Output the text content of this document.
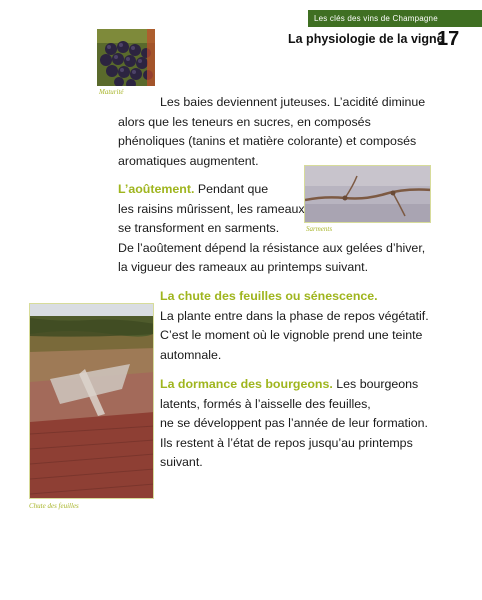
Les clés des vins de Champagne
La physiologie de la vigne
17
Maturité
Sarments
Chute des feuilles
Les baies deviennent juteuses. L’acidité diminue
alors que les teneurs en sucres, en composés
phénoliques (tanins et matière colorante) et composés
aromatiques augmentent.
L’aoûtement. Pendant que
les raisins mûrissent, les rameaux
se transforment en sarments.
De l’aoûtement dépend la résistance aux gelées d’hiver,
la vigueur des rameaux au printemps suivant.
La chute des feuilles ou sénescence.
La plante entre dans la phase de repos végétatif.
C’est le moment où le vignoble prend une teinte
automnale.
La dormance des bourgeons. Les bourgeons
latents, formés à l’aisselle des feuilles,
ne se développent pas l’année de leur formation.
Ils restent à l’état de repos jusqu’au printemps
suivant.
